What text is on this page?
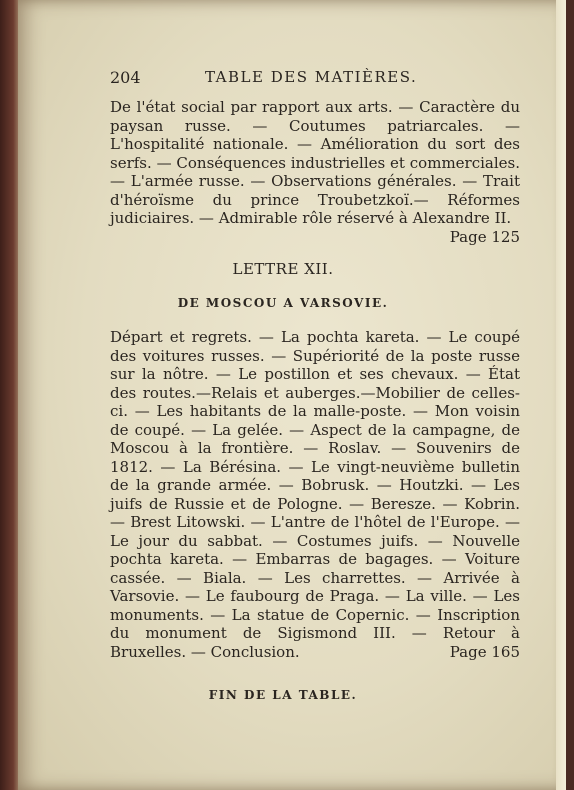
204	TABLE DES MATIÈRES.
De l'état social par rapport aux arts. — Caractère du paysan russe. — Coutumes patriarcales. — L'hospitalité nationale. — Amélioration du sort des serfs. — Conséquences industrielles et commerciales. — L'armée russe. — Observations générales. — Trait d'héroïsme du prince Troubetzkoï.— Réformes judiciaires. — Admirable rôle réservé à Alexandre II.
Page 125
LETTRE XII.
DE MOSCOU A VARSOVIE.
Départ et regrets. — La pochta kareta. — Le coupé des voitures russes. — Supériorité de la poste russe sur la nôtre. — Le postillon et ses chevaux. — État des routes.—Relais et auberges.—Mobilier de celles-ci. — Les habitants de la malle-poste. — Mon voisin de coupé. — La gelée. — Aspect de la campagne, de Moscou à la frontière. — Roslav. — Souvenirs de 1812. — La Bérésina. — Le vingt-neuvième bulletin de la grande armée. — Bobrusk. — Houtzki. — Les juifs de Russie et de Pologne. — Beresze. — Kobrin. — Brest Litowski. — L'antre de l'hôtel de l'Europe. — Le jour du sabbat. — Costumes juifs. — Nouvelle pochta kareta. — Embarras de bagages. — Voiture cassée. — Biala. — Les charrettes. — Arrivée à Varsovie. — Le faubourg de Praga. — La ville. — Les monuments. — La statue de Copernic. — Inscription du monument de Sigismond III. — Retour à Bruxelles. — Conclusion.	Page 165
FIN DE LA TABLE.
